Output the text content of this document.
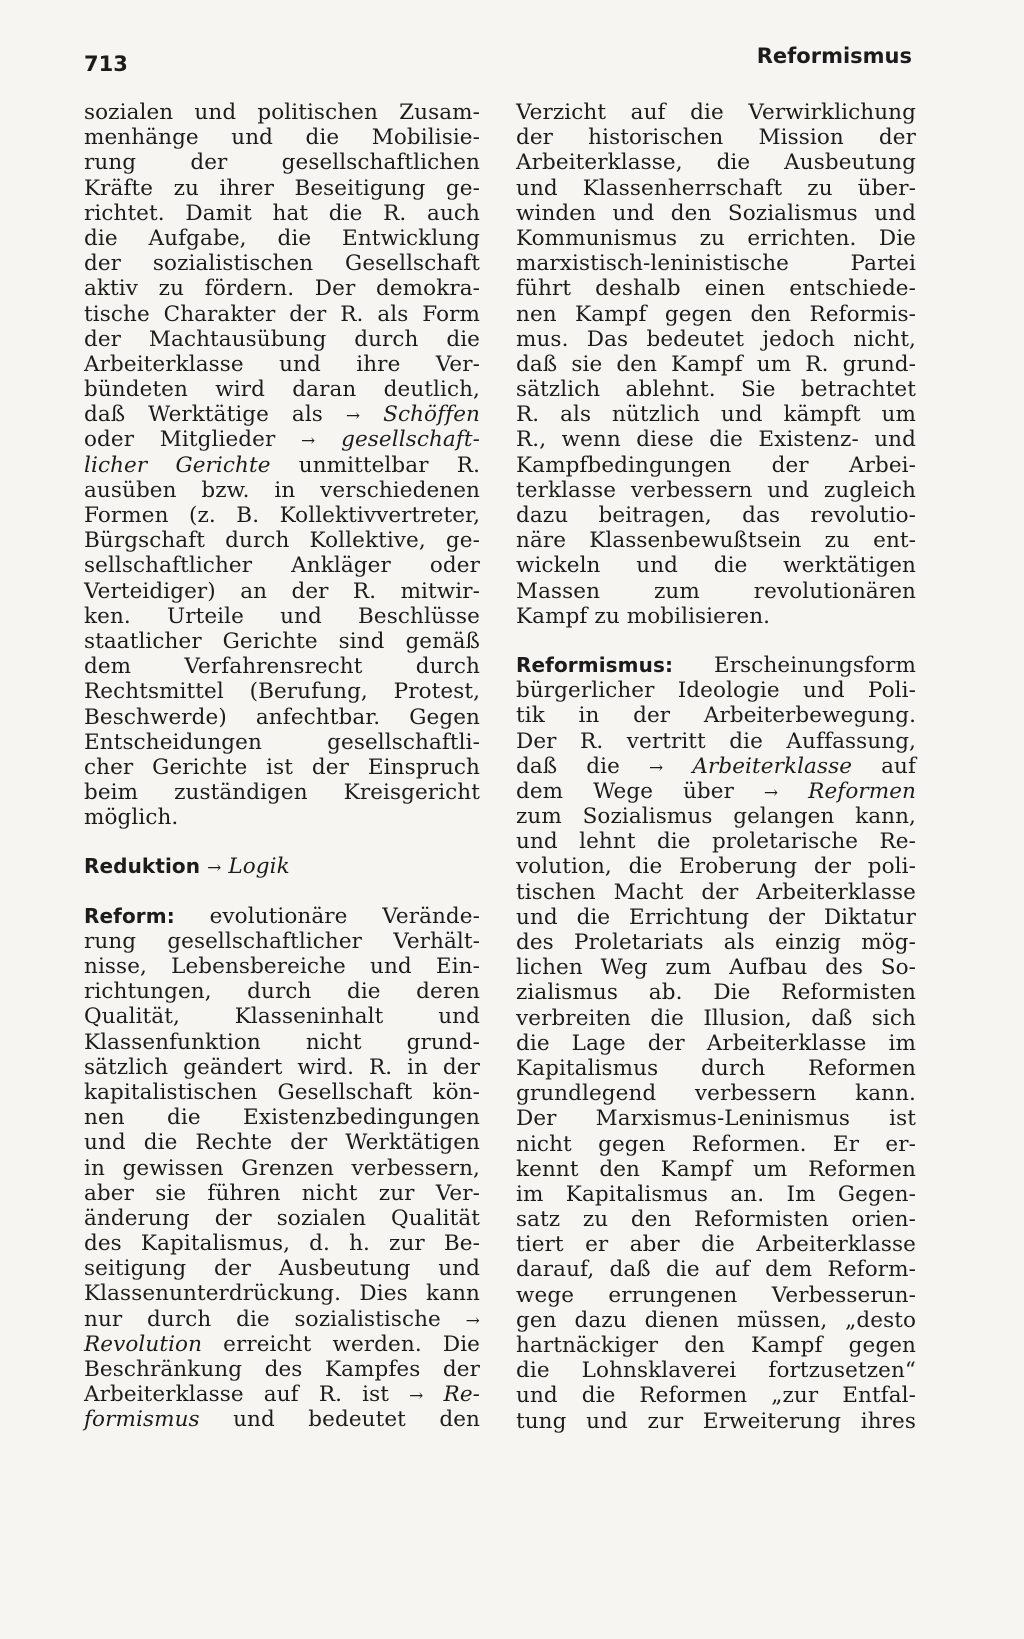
713	Reformismus
sozialen und politischen Zusam-
menhänge und die Mobilisie-
rung der gesellschaftlichen
Kräfte zu ihrer Beseitigung ge-
richtet. Damit hat die R. auch
die Aufgabe, die Entwicklung
der sozialistischen Gesellschaft
aktiv zu fördern. Der demokra-
tische Charakter der R. als Form
der Machtausübung durch die
Arbeiterklasse und ihre Ver-
bündeten wird daran deutlich,
daß Werktätige als → Schöffen
oder Mitglieder → gesellschaft-
licher Gerichte unmittelbar R.
ausüben bzw. in verschiedenen
Formen (z. B. Kollektivvertreter,
Bürgschaft durch Kollektive, ge-
sellschaftlicher Ankläger oder
Verteidiger) an der R. mitwir-
ken. Urteile und Beschlüsse
staatlicher Gerichte sind gemäß
dem Verfahrensrecht durch
Rechtsmittel (Berufung, Protest,
Beschwerde) anfechtbar. Gegen
Entscheidungen gesellschaftli-
cher Gerichte ist der Einspruch
beim zuständigen Kreisgericht
möglich.
Reduktion → Logik
Reform: evolutionäre Verände-
rung gesellschaftlicher Verhält-
nisse, Lebensbereiche und Ein-
richtungen, durch die deren
Qualität, Klasseninhalt und
Klassenfunktion nicht grund-
sätzlich geändert wird. R. in der
kapitalistischen Gesellschaft kön-
nen die Existenzbedingungen
und die Rechte der Werktätigen
in gewissen Grenzen verbessern,
aber sie führen nicht zur Ver-
änderung der sozialen Qualität
des Kapitalismus, d. h. zur Be-
seitigung der Ausbeutung und
Klassenunterdrückung. Dies kann
nur durch die sozialistische →
Revolution erreicht werden. Die
Beschränkung des Kampfes der
Arbeiterklasse auf R. ist → Re-
formismus und bedeutet den
Verzicht auf die Verwirklichung
der historischen Mission der
Arbeiterklasse, die Ausbeutung
und Klassenherrschaft zu über-
winden und den Sozialismus und
Kommunismus zu errichten. Die
marxistisch-leninistische Partei
führt deshalb einen entschiede-
nen Kampf gegen den Reformis-
mus. Das bedeutet jedoch nicht,
daß sie den Kampf um R. grund-
sätzlich ablehnt. Sie betrachtet
R. als nützlich und kämpft um
R., wenn diese die Existenz- und
Kampfbedingungen der Arbei-
terklasse verbessern und zugleich
dazu beitragen, das revolutio-
näre Klassenbewußtsein zu ent-
wickeln und die werktätigen
Massen zum revolutionären
Kampf zu mobilisieren.
Reformismus: Erscheinungsform
bürgerlicher Ideologie und Poli-
tik in der Arbeiterbewegung.
Der R. vertritt die Auffassung,
daß die → Arbeiterklasse auf
dem Wege über → Reformen
zum Sozialismus gelangen kann,
und lehnt die proletarische Re-
volution, die Eroberung der poli-
tischen Macht der Arbeiterklasse
und die Errichtung der Diktatur
des Proletariats als einzig mög-
lichen Weg zum Aufbau des So-
zialismus ab. Die Reformisten
verbreiten die Illusion, daß sich
die Lage der Arbeiterklasse im
Kapitalismus durch Reformen
grundlegend verbessern kann.
Der Marxismus-Leninismus ist
nicht gegen Reformen. Er er-
kennt den Kampf um Reformen
im Kapitalismus an. Im Gegen-
satz zu den Reformisten orien-
tiert er aber die Arbeiterklasse
darauf, daß die auf dem Reform-
wege errungenen Verbesserun-
gen dazu dienen müssen, „desto
hartnäckiger den Kampf gegen
die Lohnsklaverei fortzusetzen“
und die Reformen „zur Entfal-
tung und zur Erweiterung ihres
